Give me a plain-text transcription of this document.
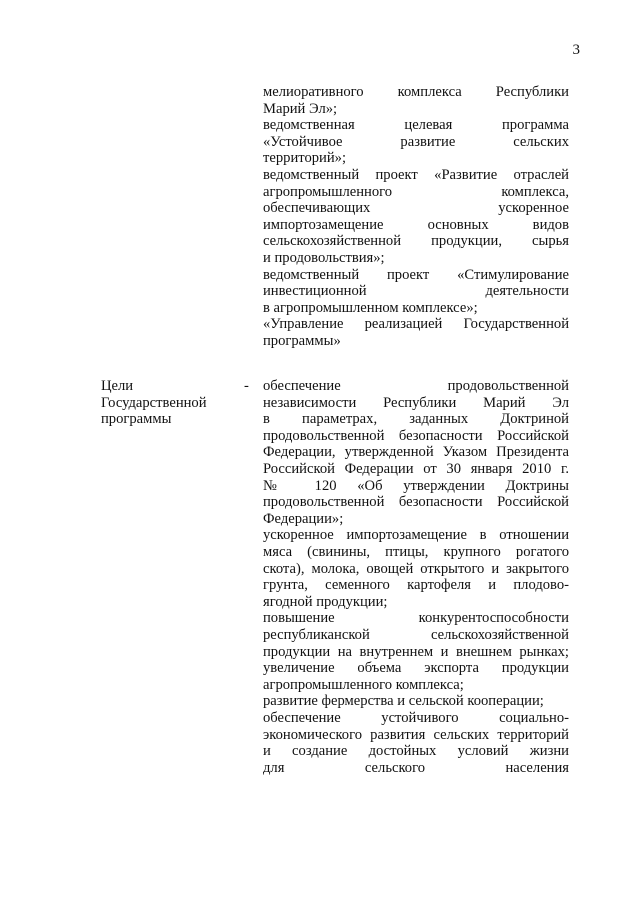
3
мелиоративного комплекса Республики
Марий Эл»;
ведомственная целевая программа
«Устойчивое развитие сельских
территорий»;
ведомственный проект «Развитие отраслей
агропромышленного комплекса,
обеспечивающих ускоренное
импортозамещение основных видов
сельскохозяйственной продукции, сырья
и продовольствия»;
ведомственный проект «Стимулирование
инвестиционной деятельности
в агропромышленном комплексе»;
«Управление реализацией Государственной
программы»
Цели
Государственной
программы
- обеспечение продовольственной
независимости Республики Марий Эл
в параметрах, заданных Доктриной
продовольственной безопасности Российской
Федерации, утвержденной Указом Президента
Российской Федерации от 30 января 2010 г.
№ 120 «Об утверждении Доктрины
продовольственной безопасности Российской
Федерации»;
ускоренное импортозамещение в отношении
мяса (свинины, птицы, крупного рогатого
скота), молока, овощей открытого и закрытого
грунта, семенного картофеля и плодово-
ягодной продукции;
повышение конкурентоспособности
республиканской сельскохозяйственной
продукции на внутреннем и внешнем рынках;
увеличение объема экспорта продукции
агропромышленного комплекса;
развитие фермерства и сельской кооперации;
обеспечение устойчивого социально-
экономического развития сельских территорий
и создание достойных условий жизни
для сельского населения
